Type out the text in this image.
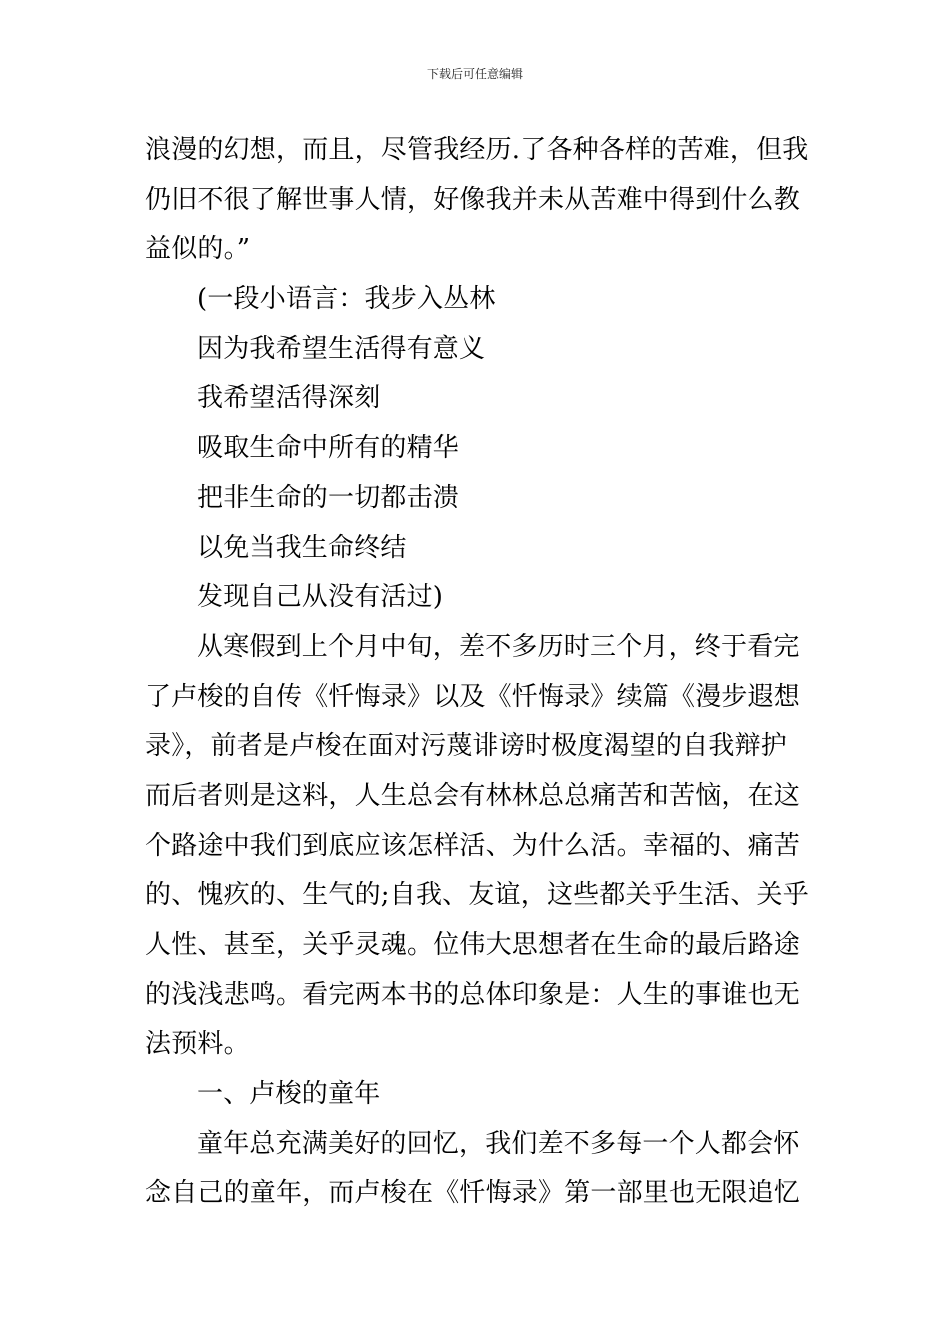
下载后可任意编辑
浪漫的幻想，而且，尽管我经历.了各种各样的苦难，但我
仍旧不很了解世事人情，好像我并未从苦难中得到什么教
益似的。”
(一段小语言：我步入丛林
因为我希望生活得有意义
我希望活得深刻
吸取生命中所有的精华
把非生命的一切都击溃
以免当我生命终结
发现自己从没有活过)
从寒假到上个月中旬，差不多历时三个月，终于看完
了卢梭的自传《忏悔录》以及《忏悔录》续篇《漫步遐想
录》，前者是卢梭在面对污蔑诽谤时极度渴望的自我辩护
而后者则是这料，人生总会有林林总总痛苦和苦恼，在这
个路途中我们到底应该怎样活、为什么活。幸福的、痛苦
的、愧疚的、生气的;自我、友谊，这些都关乎生活、关乎
人性、甚至，关乎灵魂。位伟大思想者在生命的最后路途
的浅浅悲鸣。看完两本书的总体印象是：人生的事谁也无
法预料。
一、卢梭的童年
童年总充满美好的回忆，我们差不多每一个人都会怀
念自己的童年，而卢梭在《忏悔录》第一部里也无限追忆
